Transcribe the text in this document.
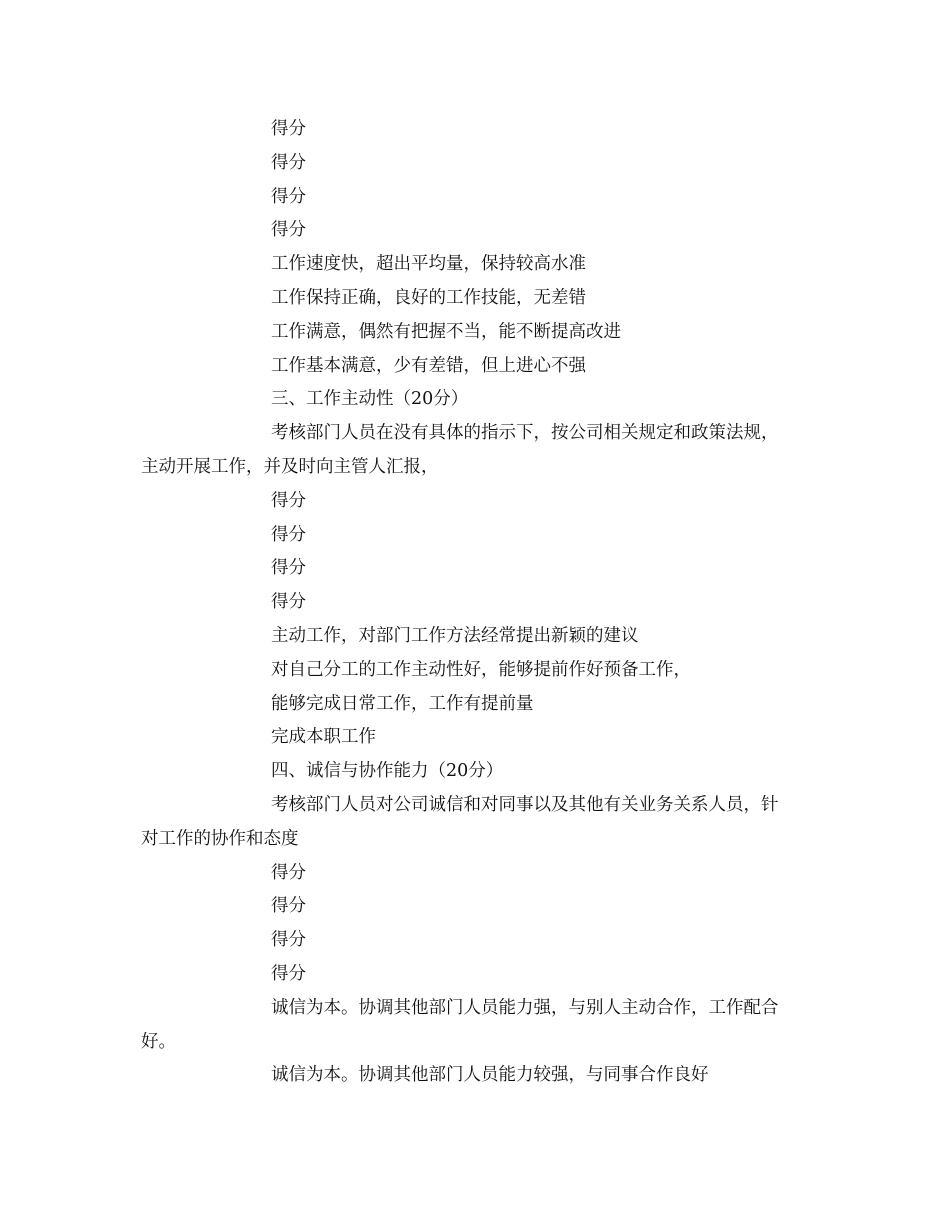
得分
得分
得分
得分
工作速度快，超出平均量，保持较高水准
工作保持正确，良好的工作技能，无差错
工作满意，偶然有把握不当，能不断提高改进
工作基本满意，少有差错，但上进心不强
三、工作主动性（20分）
考核部门人员在没有具体的指示下，按公司相关规定和政策法规，
主动开展工作，并及时向主管人汇报，
得分
得分
得分
得分
主动工作，对部门工作方法经常提出新颖的建议
对自己分工的工作主动性好，能够提前作好预备工作，
能够完成日常工作，工作有提前量
完成本职工作
四、诚信与协作能力（20分）
考核部门人员对公司诚信和对同事以及其他有关业务关系人员，针
对工作的协作和态度
得分
得分
得分
得分
诚信为本。协调其他部门人员能力强，与别人主动合作，工作配合
好。
诚信为本。协调其他部门人员能力较强，与同事合作良好
